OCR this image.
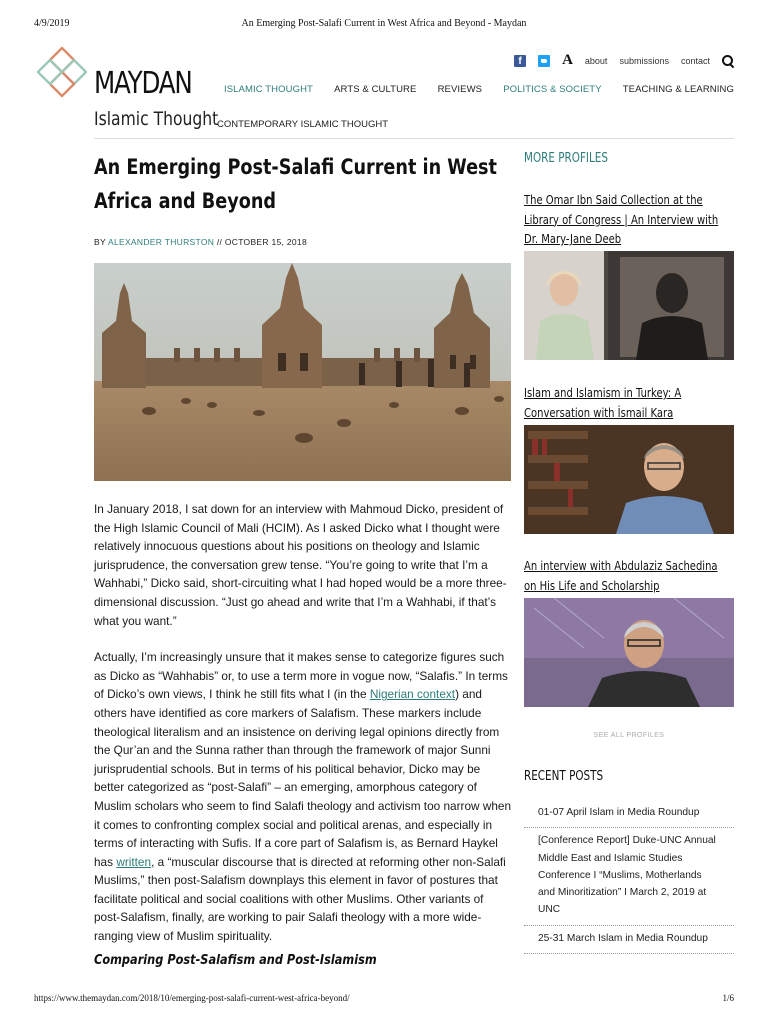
4/9/2019	An Emerging Post-Salafi Current in West Africa and Beyond - Maydan
https://www.themaydan.com/2018/10/emerging-post-salafi-current-west-africa-beyond/	1/6
MAYDAN
f	A about submissions contact
ISLAMIC THOUGHT ARTS & CULTURE REVIEWS POLITICS & SOCIETY TEACHING & LEARNING
Islamic Thought
CONTEMPORARY ISLAMIC THOUGHT
An Emerging Post-Salafi Current in West Africa and Beyond
BY ALEXANDER THURSTON // OCTOBER 15, 2018

In January 2018, I sat down for an interview with Mahmoud Dicko, president of the High Islamic Council of Mali (HCIM). As I asked Dicko what I thought were relatively innocuous questions about his positions on theology and Islamic jurisprudence, the conversation grew tense. “You’re going to write that I’m a Wahhabi,” Dicko said, short-circuiting what I had hoped would be a more three-dimensional discussion. “Just go ahead and write that I’m a Wahhabi, if that’s what you want.”

Actually, I’m increasingly unsure that it makes sense to categorize figures such as Dicko as “Wahhabis” or, to use a term more in vogue now, “Salafis.” In terms of Dicko’s own views, I think he still fits what I (in the Nigerian context) and others have identified as core markers of Salafism. These markers include theological literalism and an insistence on deriving legal opinions directly from the Qur’an and the Sunna rather than through the framework of major Sunni jurisprudential schools. But in terms of his political behavior, Dicko may be better categorized as “post-Salafi” – an emerging, amorphous category of Muslim scholars who seem to find Salafi theology and activism too narrow when it comes to confronting complex social and political arenas, and especially in terms of interacting with Sufis. If a core part of Salafism is, as Bernard Haykel has written, a “muscular discourse that is directed at reforming other non-Salafi Muslims,” then post-Salafism downplays this element in favor of postures that facilitate political and social coalitions with other Muslims. Other variants of post-Salafism, finally, are working to pair Salafi theology with a more wide-ranging view of Muslim spirituality.

Comparing Post-Salafism and Post-Islamism
MORE PROFILES
The Omar Ibn Said Collection at the Library of Congress | An Interview with Dr. Mary-Jane Deeb
Islam and Islamism in Turkey: A Conversation with İsmail Kara
An interview with Abdulaziz Sachedina on His Life and Scholarship
SEE ALL PROFILES
RECENT POSTS
01-07 April Islam in Media Roundup
[Conference Report] Duke-UNC Annual Middle East and Islamic Studies Conference I “Muslims, Motherlands and Minoritization” I March 2, 2019 at UNC
25-31 March Islam in Media Roundup
